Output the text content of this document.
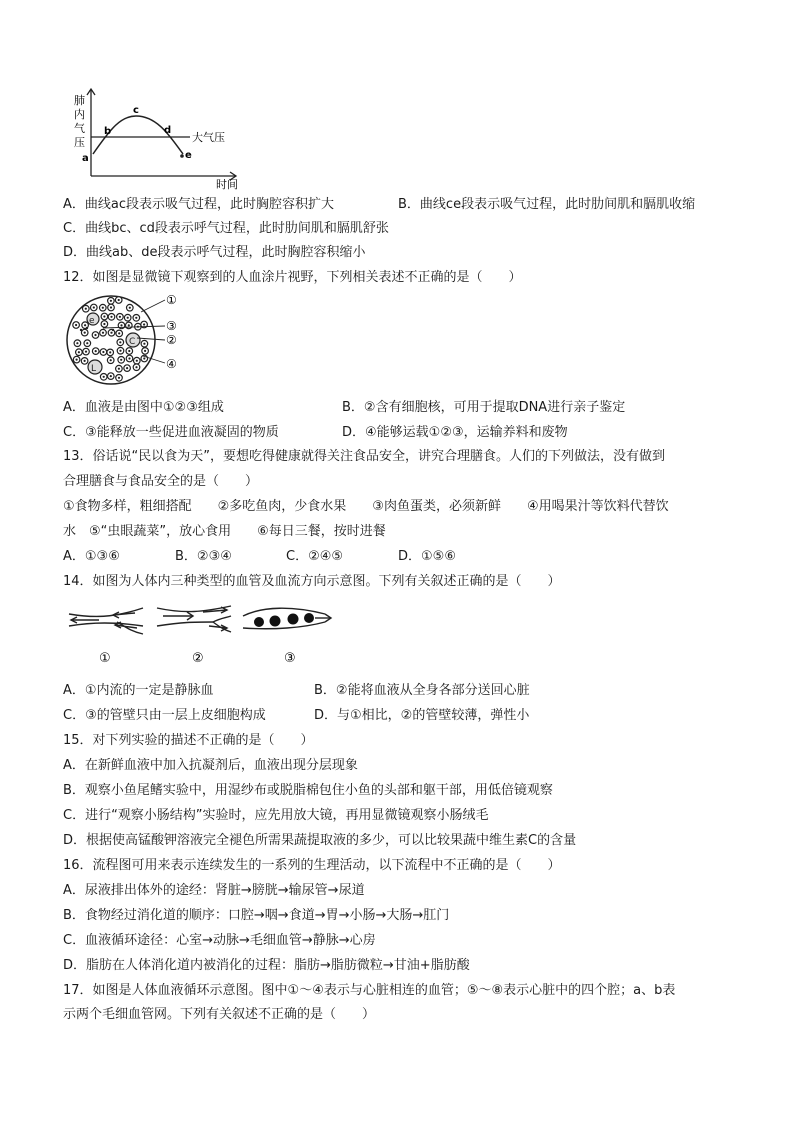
肺
内
气
压	大气压
a
b
c
d
e
时间
A．曲线ac段表示吸气过程，此时胸腔容积扩大	B．曲线ce段表示吸气过程，此时肋间肌和膈肌收缩
C．曲线bc、cd段表示呼气过程，此时肋间肌和膈肌舒张
D．曲线ab、de段表示呼气过程，此时胸腔容积缩小
12．如图是显微镜下观察到的人血涂片视野，下列相关表述不正确的是（　　）
e
C
L
①
③
②
④
A．血液是由图中①②③组成	B．②含有细胞核，可用于提取DNA进行亲子鉴定
C．③能释放一些促进血液凝固的物质	D．④能够运载①②③，运输养料和废物
13．俗话说“民以食为天”，要想吃得健康就得关注食品安全，讲究合理膳食。人们的下列做法，没有做到
合理膳食与食品安全的是（　　）
①食物多样，粗细搭配　　②多吃鱼肉，少食水果　　③肉鱼蛋类，必须新鲜　　④用喝果汁等饮料代替饮
水　⑤“虫眼蔬菜”，放心食用　　⑥每日三餐，按时进餐
A．①③⑥	B．②③④	C．②④⑤	D．①⑤⑥
14．如图为人体内三种类型的血管及血流方向示意图。下列有关叙述正确的是（　　）
①	②	③
A．①内流的一定是静脉血	B．②能将血液从全身各部分送回心脏
C．③的管壁只由一层上皮细胞构成	D．与①相比，②的管壁较薄，弹性小
15．对下列实验的描述不正确的是（　　）
A．在新鲜血液中加入抗凝剂后，血液出现分层现象
B．观察小鱼尾鳍实验中，用湿纱布或脱脂棉包住小鱼的头部和躯干部，用低倍镜观察
C．进行“观察小肠结构”实验时，应先用放大镜，再用显微镜观察小肠绒毛
D．根据使高锰酸钾溶液完全褪色所需果蔬提取液的多少，可以比较果蔬中维生素C的含量
16．流程图可用来表示连续发生的一系列的生理活动，以下流程中不正确的是（　　）
A．尿液排出体外的途经：肾脏→膀胱→输尿管→尿道
B．食物经过消化道的顺序：口腔→咽→食道→胃→小肠→大肠→肛门
C．血液循环途径：心室→动脉→毛细血管→静脉→心房
D．脂肪在人体消化道内被消化的过程：脂肪→脂肪微粒→甘油+脂肪酸
17．如图是人体血液循环示意图。图中①～④表示与心脏相连的血管；⑤～⑧表示心脏中的四个腔；a、b表
示两个毛细血管网。下列有关叙述不正确的是（　　）
